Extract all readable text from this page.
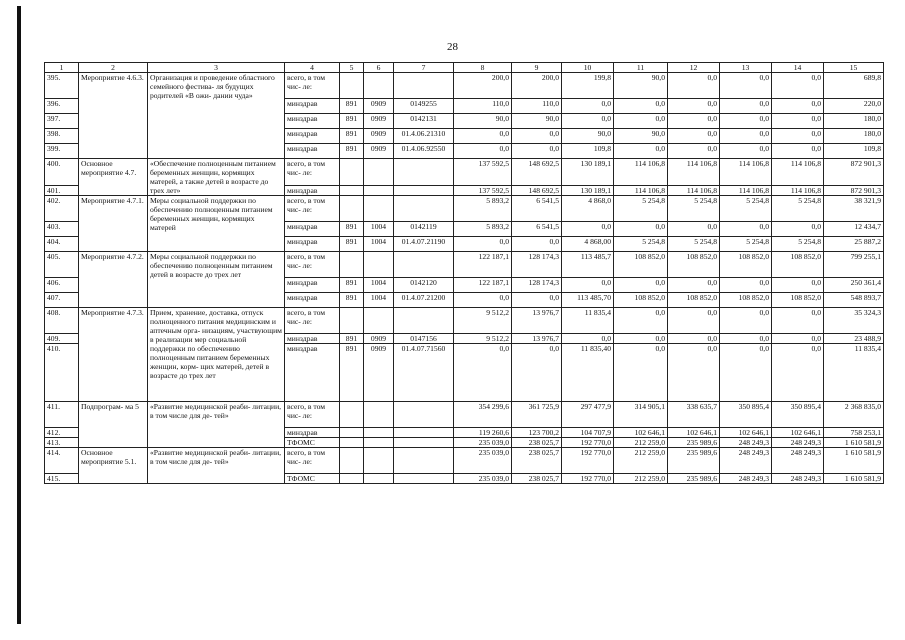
28
1	2	3	4	5	6	7	8	9	10	11	12	13	14	15
395.	Мероприятие 4.6.3.	Организация и проведение областного семейного фестива- ля будущих родителей «В ожи- дании чуда»	всего, в том чис- ле:				200,0	200,0	199,8	90,0	0,0	0,0	0,0	689,8
396.			минздрав	891	0909	0149255	110,0	110,0	0,0	0,0	0,0	0,0	0,0	220,0
397.			минздрав	891	0909	0142131	90,0	90,0	0,0	0,0	0,0	0,0	0,0	180,0
398.			минздрав	891	0909	01.4.06.21310	0,0	0,0	90,0	90,0	0,0	0,0	0,0	180,0
399.			минздрав	891	0909	01.4.06.92550	0,0	0,0	109,8	0,0	0,0	0,0	0,0	109,8
400.	Основное мероприятие 4.7.	«Обеспечение полноценным питанием беременных женщин, кормящих матерей, а также детей в возрасте до трех лет»	всего, в том чис- ле:				137 592,5	148 692,5	130 189,1	114 106,8	114 106,8	114 106,8	114 106,8	872 901,3
401.			минздрав				137 592,5	148 692,5	130 189,1	114 106,8	114 106,8	114 106,8	114 106,8	872 901,3
402.	Мероприятие 4.7.1.	Меры социальной поддержки по обеспечению полноценным питанием беременных женщин, кормящих матерей	всего, в том чис- ле:				5 893,2	6 541,5	4 868,0	5 254,8	5 254,8	5 254,8	5 254,8	38 321,9
403.			минздрав	891	1004	0142119	5 893,2	6 541,5	0,0	0,0	0,0	0,0	0,0	12 434,7
404.			минздрав	891	1004	01.4.07.21190	0,0	0,0	4 868,00	5 254,8	5 254,8	5 254,8	5 254,8	25 887,2
405.	Мероприятие 4.7.2.	Меры социальной поддержки по обеспечению полноценным питанием детей в возрасте до трех лет	всего, в том чис- ле:				122 187,1	128 174,3	113 485,7	108 852,0	108 852,0	108 852,0	108 852,0	799 255,1
406.			минздрав	891	1004	0142120	122 187,1	128 174,3	0,0	0,0	0,0	0,0	0,0	250 361,4
407.			минздрав	891	1004	01.4.07.21200	0,0	0,0	113 485,70	108 852,0	108 852,0	108 852,0	108 852,0	548 893,7
408.	Мероприятие 4.7.3.	Прием, хранение, доставка, отпуск полноценного питания медицинским и аптечным орга- низациям, участвующим в реализации мер социальной поддержки по обеспечению полноценным питанием беременных женщин, корм- щих матерей, детей в возрасте до трех лет	всего, в том чис- ле:				9 512,2	13 976,7	11 835,4	0,0	0,0	0,0	0,0	35 324,3
409.			минздрав	891	0909	0147156	9 512,2	13 976,7	0,0	0,0	0,0	0,0	0,0	23 488,9
410.			минздрав	891	0909	01.4.07.71560	0,0	0,0	11 835,40	0,0	0,0	0,0	0,0	11 835,4
411.	Подпрограм- ма 5	«Развитие медицинской реаби- литации, в том числе для де- тей»	всего, в том чис- ле:				354 299,6	361 725,9	297 477,9	314 905,1	338 635,7	350 895,4	350 895,4	2 368 835,0
412.			минздрав				119 260,6	123 700,2	104 707,9	102 646,1	102 646,1	102 646,1	102 646,1	758 253,1
413.			ТФОМС				235 039,0	238 025,7	192 770,0	212 259,0	235 989,6	248 249,3	248 249,3	1 610 581,9
414.	Основное мероприятие 5.1.	«Развитие медицинской реаби- литации, в том числе для де- тей»	всего, в том чис- ле:				235 039,0	238 025,7	192 770,0	212 259,0	235 989,6	248 249,3	248 249,3	1 610 581,9
415.			ТФОМС				235 039,0	238 025,7	192 770,0	212 259,0	235 989,6	248 249,3	248 249,3	1 610 581,9
